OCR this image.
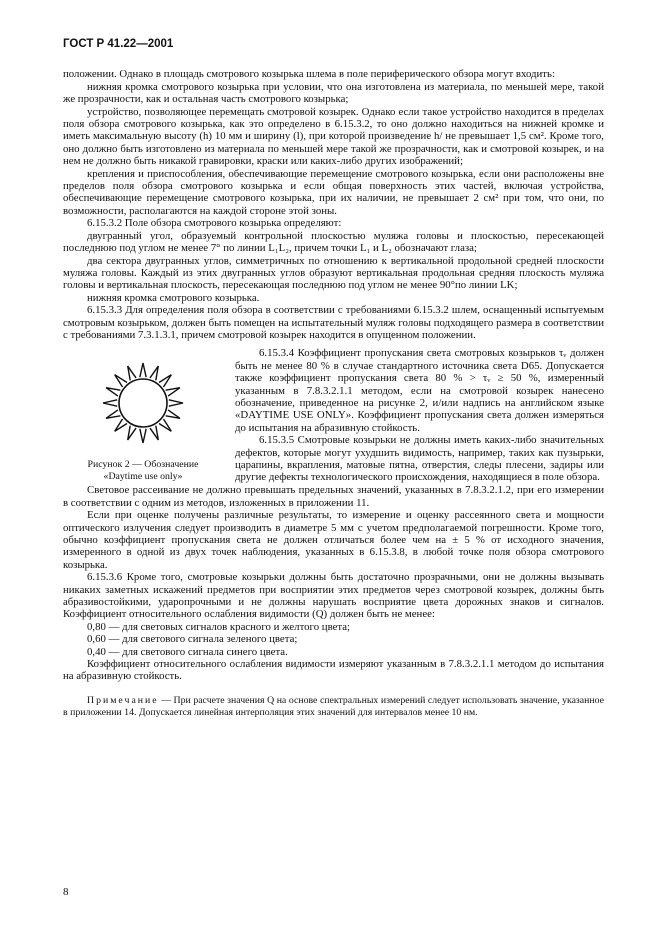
ГОСТ Р 41.22—2001

положении. Однако в площадь смотрового козырька шлема в поле периферического обзора могут входить:

нижняя кромка смотрового козырька при условии, что она изготовлена из материала, по меньшей мере, такой же прозрачности, как и остальная часть смотрового козырька;

устройство, позволяющее перемещать смотровой козырек. Однако если такое устройство находится в пределах поля обзора смотрового козырька, как это определено в 6.15.3.2, то оно должно находиться на нижней кромке и иметь максимальную высоту (h) 10 мм и ширину (l), при которой произведение h/ не превышает 1,5 см². Кроме того, оно должно быть изготовлено из материала по меньшей мере такой же прозрачности, как и смотровой козырек, и на нем не должно быть никакой гравировки, краски или каких-либо других изображений;

крепления и приспособления, обеспечивающие перемещение смотрового козырька, если они расположены вне пределов поля обзора смотрового козырька и если общая поверхность этих частей, включая устройства, обеспечивающие перемещение смотрового козырька, при их наличии, не превышает 2 см² при том, что они, по возможности, располагаются на каждой стороне этой зоны.

6.15.3.2 Поле обзора смотрового козырька определяют:

двугранный угол, образуемый контрольной плоскостью муляжа головы и плоскостью, пересекающей последнюю под углом не менее 7° по линии L₁L₂, причем точки L₁ и L₂ обозначают глаза;

два сектора двугранных углов, симметричных по отношению к вертикальной продольной средней плоскости муляжа головы. Каждый из этих двугранных углов образуют вертикальная продольная средняя плоскость муляжа головы и вертикальная плоскость, пересекающая последнюю под углом не менее 90°по линии LK;

нижняя кромка смотрового козырька.

6.15.3.3 Для определения поля обзора в соответствии с требованиями 6.15.3.2 шлем, оснащенный испытуемым смотровым козырьком, должен быть помещен на испытательный муляж головы подходящего размера в соответствии с требованиями 7.3.1.3.1, причем смотровой козырек находится в опущенном положении.

Рисунок 2 — Обозначение
«Daytime use only»

6.15.3.4 Коэффициент пропускания света смотровых козырьков τᵥ должен быть не менее 80 % в случае стандартного источника света D65. Допускается также коэффициент пропускания света 80 % > τᵥ ≥ 50 %, измеренный указанным в 7.8.3.2.1.1 методом, если на смотровой козырек нанесено обозначение, приведенное на рисунке 2, и/или надпись на английском языке «DAYTIME USE ONLY». Коэффициент пропускания света должен измеряться до испытания на абразивную стойкость.

6.15.3.5 Смотровые козырьки не должны иметь каких-либо значительных дефектов, которые могут ухудшить видимость, например, таких как пузырьки, царапины, вкрапления, матовые пятна, отверстия, следы плесени, задиры или другие дефекты технологического происхождения, находящиеся в поле обзора.

Световое рассеивание не должно превышать предельных значений, указанных в 7.8.3.2.1.2, при его измерении в соответствии с одним из методов, изложенных в приложении 11.

Если при оценке получены различные результаты, то измерение и оценку рассеянного света и мощности оптического излучения следует производить в диаметре 5 мм с учетом предполагаемой погрешности. Кроме того, обычно коэффициент пропускания света не должен отличаться более чем на ± 5 % от исходного значения, измеренного в одной из двух точек наблюдения, указанных в 6.15.3.8, в любой точке поля обзора смотрового козырька.

6.15.3.6 Кроме того, смотровые козырьки должны быть достаточно прозрачными, они не должны вызывать никаких заметных искажений предметов при восприятии этих предметов через смотровой козырек, должны быть абразивостойкими, ударопрочными и не должны нарушать восприятие цвета дорожных знаков и сигналов. Коэффициент относительного ослабления видимости (Q) должен быть не менее:

0,80 — для световых сигналов красного и желтого цвета;

0,60 — для светового сигнала зеленого цвета;

0,40 — для светового сигнала синего цвета.

Коэффициент относительного ослабления видимости измеряют указанным в 7.8.3.2.1.1 методом до испытания на абразивную стойкость.

Примечание — При расчете значения Q на основе спектральных измерений следует использовать значение, указанное в приложении 14. Допускается линейная интерполяция этих значений для интервалов менее 10 нм.
8
